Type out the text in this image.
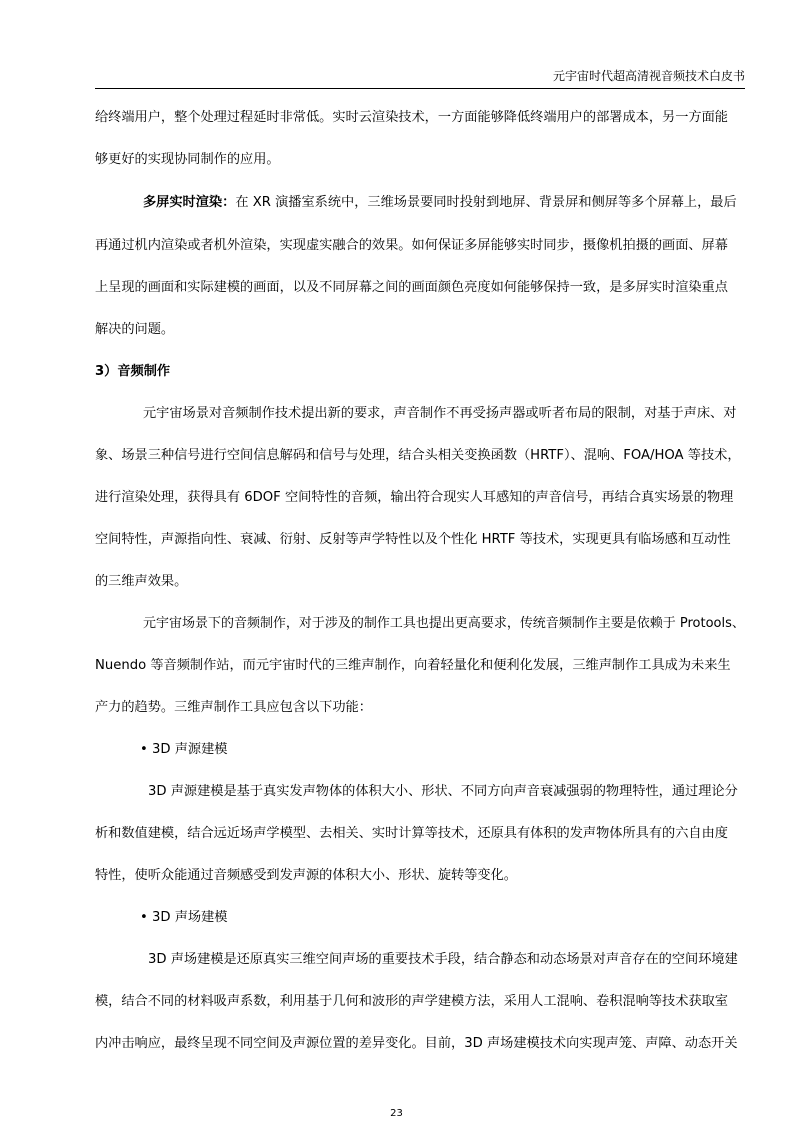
元宇宙时代超高清视音频技术白皮书
给终端用户，整个处理过程延时非常低。实时云渲染技术，一方面能够降低终端用户的部署成本，另一方面能
够更好的实现协同制作的应用。
多屏实时渲染：在 XR 演播室系统中，三维场景要同时投射到地屏、背景屏和侧屏等多个屏幕上，最后
再通过机内渲染或者机外渲染，实现虚实融合的效果。如何保证多屏能够实时同步，摄像机拍摄的画面、屏幕
上呈现的画面和实际建模的画面，以及不同屏幕之间的画面颜色亮度如何能够保持一致，是多屏实时渲染重点
解决的问题。
3）音频制作
元宇宙场景对音频制作技术提出新的要求，声音制作不再受扬声器或听者布局的限制，对基于声床、对
象、场景三种信号进行空间信息解码和信号与处理，结合头相关变换函数（HRTF）、混响、FOA/HOA 等技术，
进行渲染处理，获得具有 6DOF 空间特性的音频，输出符合现实人耳感知的声音信号，再结合真实场景的物理
空间特性，声源指向性、衰减、衍射、反射等声学特性以及个性化 HRTF 等技术，实现更具有临场感和互动性
的三维声效果。
元宇宙场景下的音频制作，对于涉及的制作工具也提出更高要求，传统音频制作主要是依赖于 Protools、
Nuendo 等音频制作站，而元宇宙时代的三维声制作，向着轻量化和便利化发展，三维声制作工具成为未来生
产力的趋势。三维声制作工具应包含以下功能：
• 3D 声源建模
3D 声源建模是基于真实发声物体的体积大小、形状、不同方向声音衰减强弱的物理特性，通过理论分
析和数值建模，结合远近场声学模型、去相关、实时计算等技术，还原具有体积的发声物体所具有的六自由度
特性，使听众能通过音频感受到发声源的体积大小、形状、旋转等变化。
• 3D 声场建模
3D 声场建模是还原真实三维空间声场的重要技术手段，结合静态和动态场景对声音存在的空间环境建
模，结合不同的材料吸声系数，利用基于几何和波形的声学建模方法，采用人工混响、卷积混响等技术获取室
内冲击响应，最终呈现不同空间及声源位置的差异变化。目前，3D 声场建模技术向实现声笼、声障、动态开关
23
